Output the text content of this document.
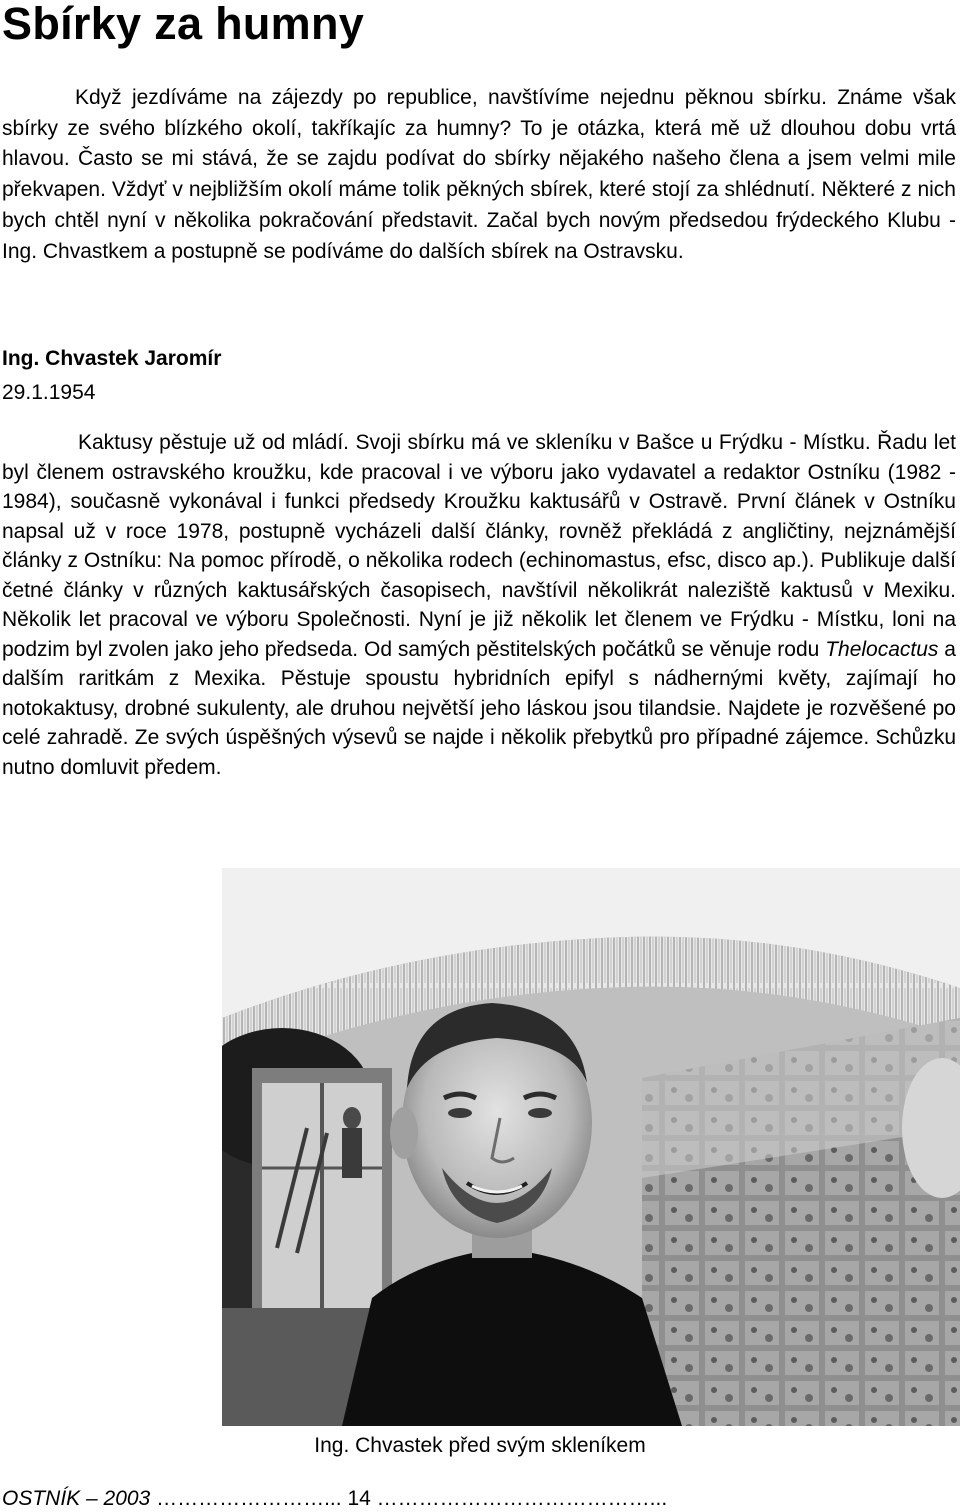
Sbírky za humny

Když jezdíváme na zájezdy po republice, navštívíme nejednu pěknou sbírku. Známe však sbírky ze svého blízkého okolí, takříkajíc za humny? To je otázka, která mě už dlouhou dobu vrtá hlavou. Často se mi stává, že se zajdu podívat do sbírky nějakého našeho člena a jsem velmi mile překvapen. Vždyť v nejbližším okolí máme tolik pěkných sbírek, které stojí za shlédnutí. Některé z nich bych chtěl nyní v několika pokračování představit. Začal bych novým předsedou frýdeckého Klubu - Ing. Chvastkem a postupně se podíváme do dalších sbírek na Ostravsku.

Ing. Chvastek Jaromír

29.1.1954

Kaktusy pěstuje už od mládí. Svoji sbírku má ve skleníku v Bašce u Frýdku - Místku. Řadu let byl členem ostravského kroužku, kde pracoval i ve výboru jako vydavatel a redaktor Ostníku (1982 - 1984), současně vykonával i funkci předsedy Kroužku kaktusářů v Ostravě. První článek v Ostníku napsal už v roce 1978, postupně vycházeli další články, rovněž překládá z angličtiny, nejznámější články z Ostníku: Na pomoc přírodě, o několika rodech (echinomastus, efsc, disco ap.). Publikuje další četné články v různých kaktusářských časopisech, navštívil několikrát naleziště kaktusů v Mexiku. Několik let pracoval ve výboru Společnosti. Nyní je již několik let členem ve Frýdku - Místku, loni na podzim byl zvolen jako jeho předseda. Od samých pěstitelských počátků se věnuje rodu Thelocactus a dalším raritkám z Mexika. Pěstuje spoustu hybridních epifyl s nádhernými květy, zajímají ho notokaktusy, drobné sukulenty, ale druhou největší jeho láskou jsou tilandsie. Najdete je rozvěšené po celé zahradě. Ze svých úspěšných výsevů se najde i několik přebytků pro případné zájemce. Schůzku nutno domluvit předem.

Ing. Chvastek před svým skleníkem

OSTNÍK – 2003 ……………………... 14 …………………………………...
